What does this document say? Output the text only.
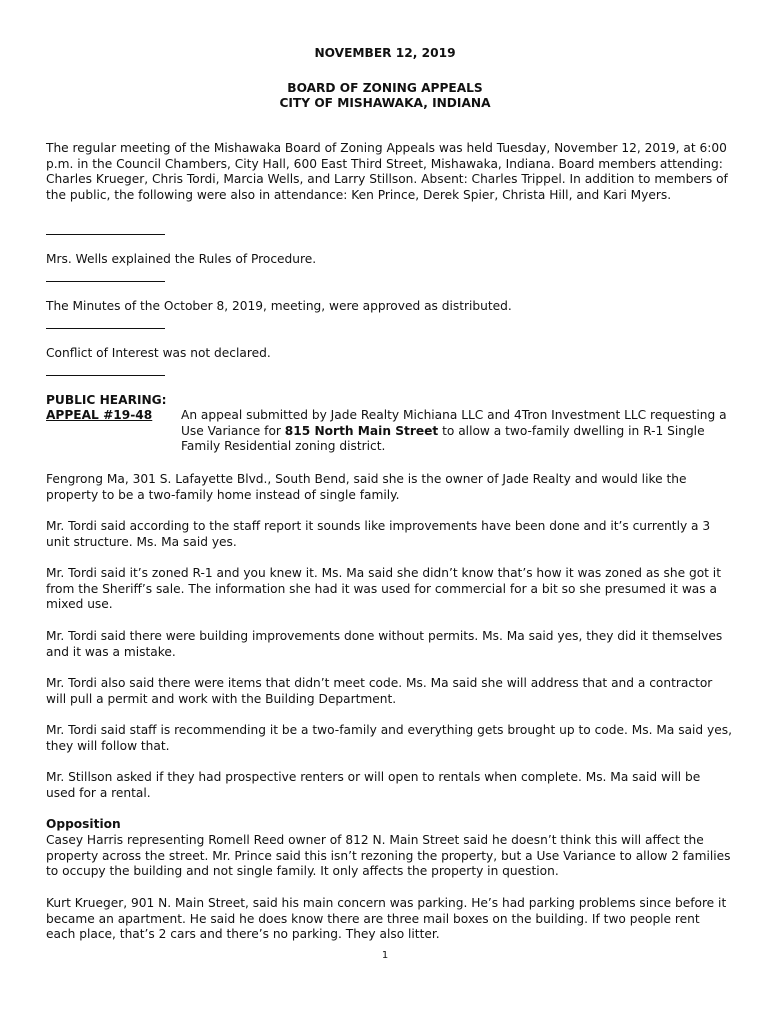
NOVEMBER 12, 2019
BOARD OF ZONING APPEALS
CITY OF MISHAWAKA, INDIANA

The regular meeting of the Mishawaka Board of Zoning Appeals was held Tuesday, November 12, 2019, at 6:00 p.m. in the Council Chambers, City Hall, 600 East Third Street, Mishawaka, Indiana. Board members attending: Charles Krueger, Chris Tordi, Marcia Wells, and Larry Stillson. Absent: Charles Trippel. In addition to members of the public, the following were also in attendance: Ken Prince, Derek Spier, Christa Hill, and Kari Myers.

Mrs. Wells explained the Rules of Procedure.

The Minutes of the October 8, 2019, meeting, were approved as distributed.

Conflict of Interest was not declared.

PUBLIC HEARING:
APPEAL #19-48 An appeal submitted by Jade Realty Michiana LLC and 4Tron Investment LLC requesting a Use Variance for 815 North Main Street to allow a two-family dwelling in R-1 Single Family Residential zoning district.

Fengrong Ma, 301 S. Lafayette Blvd., South Bend, said she is the owner of Jade Realty and would like the property to be a two-family home instead of single family.

Mr. Tordi said according to the staff report it sounds like improvements have been done and it’s currently a 3 unit structure. Ms. Ma said yes.

Mr. Tordi said it’s zoned R-1 and you knew it. Ms. Ma said she didn’t know that’s how it was zoned as she got it from the Sheriff’s sale. The information she had it was used for commercial for a bit so she presumed it was a mixed use.

Mr. Tordi said there were building improvements done without permits. Ms. Ma said yes, they did it themselves and it was a mistake.

Mr. Tordi also said there were items that didn’t meet code. Ms. Ma said she will address that and a contractor will pull a permit and work with the Building Department.

Mr. Tordi said staff is recommending it be a two-family and everything gets brought up to code. Ms. Ma said yes, they will follow that.

Mr. Stillson asked if they had prospective renters or will open to rentals when complete. Ms. Ma said will be used for a rental.

Opposition

Casey Harris representing Romell Reed owner of 812 N. Main Street said he doesn’t think this will affect the property across the street. Mr. Prince said this isn’t rezoning the property, but a Use Variance to allow 2 families to occupy the building and not single family. It only affects the property in question.

Kurt Krueger, 901 N. Main Street, said his main concern was parking. He’s had parking problems since before it became an apartment. He said he does know there are three mail boxes on the building. If two people rent each place, that’s 2 cars and there’s no parking. They also litter.

1
